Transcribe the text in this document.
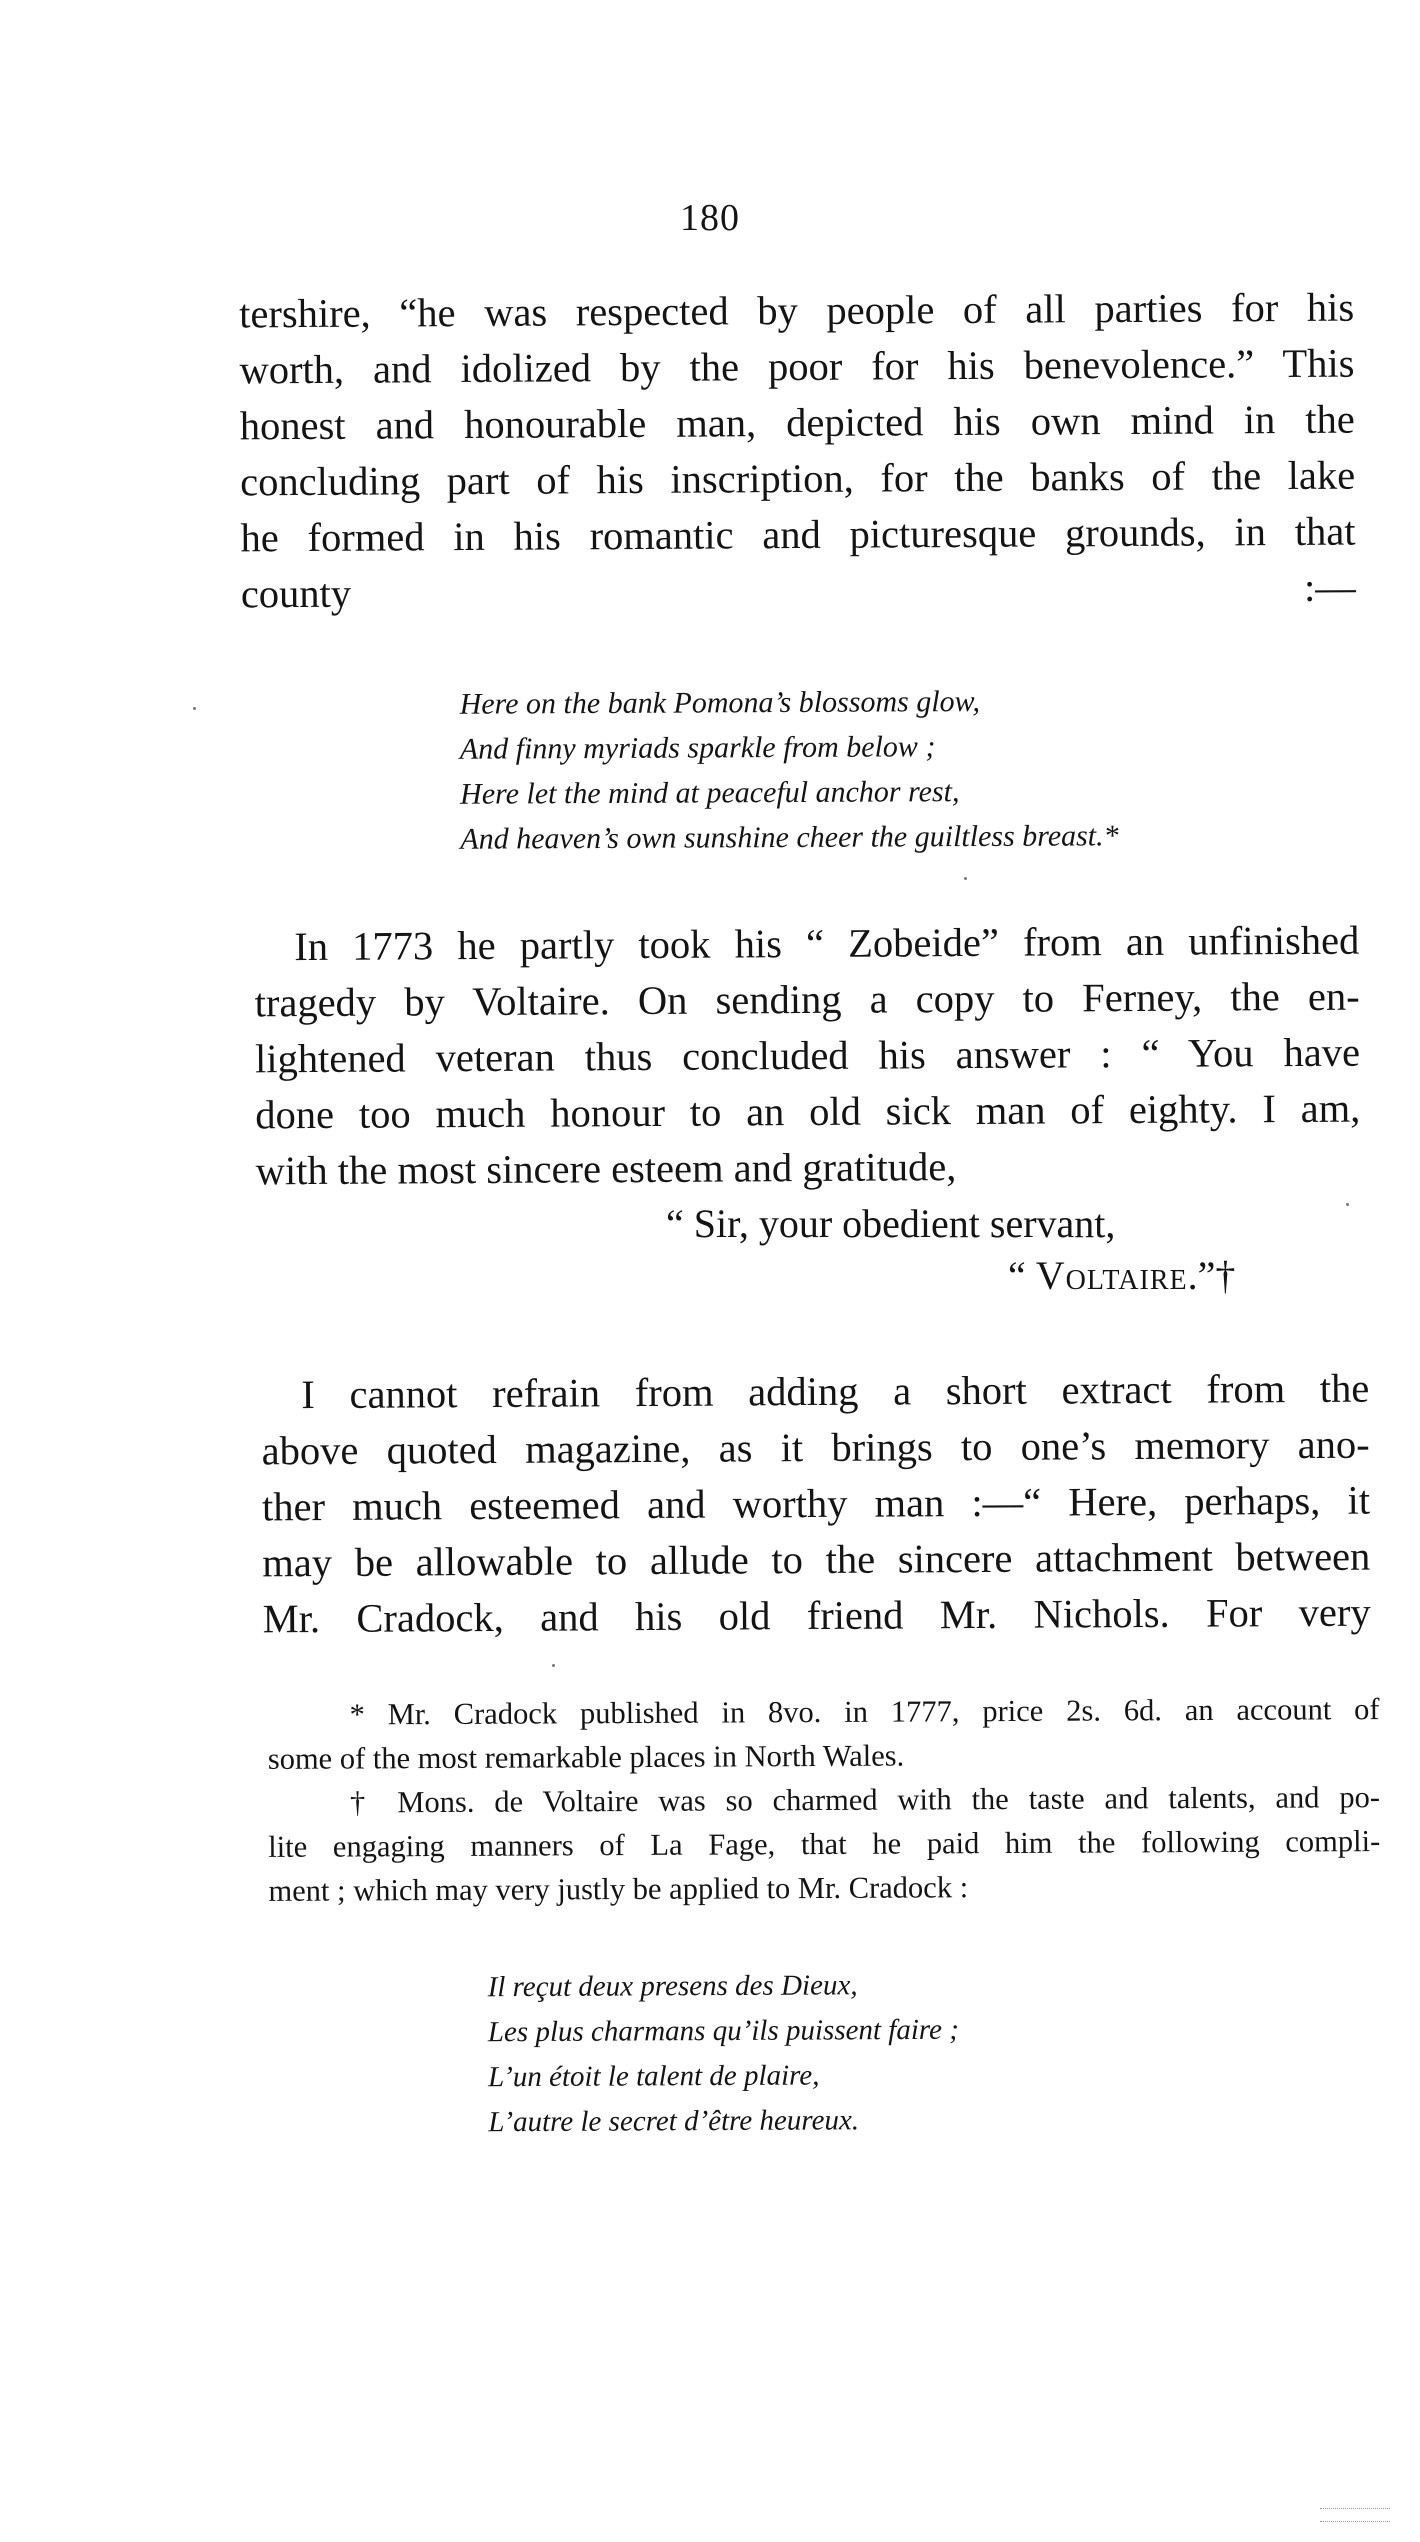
180
tershire, “he was respected by people of all parties for his
worth, and idolized by the poor for his benevolence.” This
honest and honourable man, depicted his own mind in the
concluding part of his inscription, for the banks of the lake
he formed in his romantic and picturesque grounds, in that
county :—
Here on the bank Pomona’s blossoms glow,
And finny myriads sparkle from below ;
Here let the mind at peaceful anchor rest,
And heaven’s own sunshine cheer the guiltless breast.*
In 1773 he partly took his “ Zobeide” from an unfinished
tragedy by Voltaire. On sending a copy to Ferney, the en-
lightened veteran thus concluded his answer : “ You have
done too much honour to an old sick man of eighty. I am,
with the most sincere esteem and gratitude,
“ Sir, your obedient servant,
“ Voltaire.”†
I cannot refrain from adding a short extract from the
above quoted magazine, as it brings to one’s memory ano-
ther much esteemed and worthy man :—“ Here, perhaps, it
may be allowable to allude to the sincere attachment between
Mr. Cradock, and his old friend Mr. Nichols. For very
* Mr. Cradock published in 8vo. in 1777, price 2s. 6d. an account of
some of the most remarkable places in North Wales.
† Mons. de Voltaire was so charmed with the taste and talents, and po-
lite engaging manners of La Fage, that he paid him the following compli-
ment ; which may very justly be applied to Mr. Cradock :
Il reçut deux presens des Dieux,
Les plus charmans qu’ils puissent faire ;
L’un étoit le talent de plaire,
L’autre le secret d’être heureux.
